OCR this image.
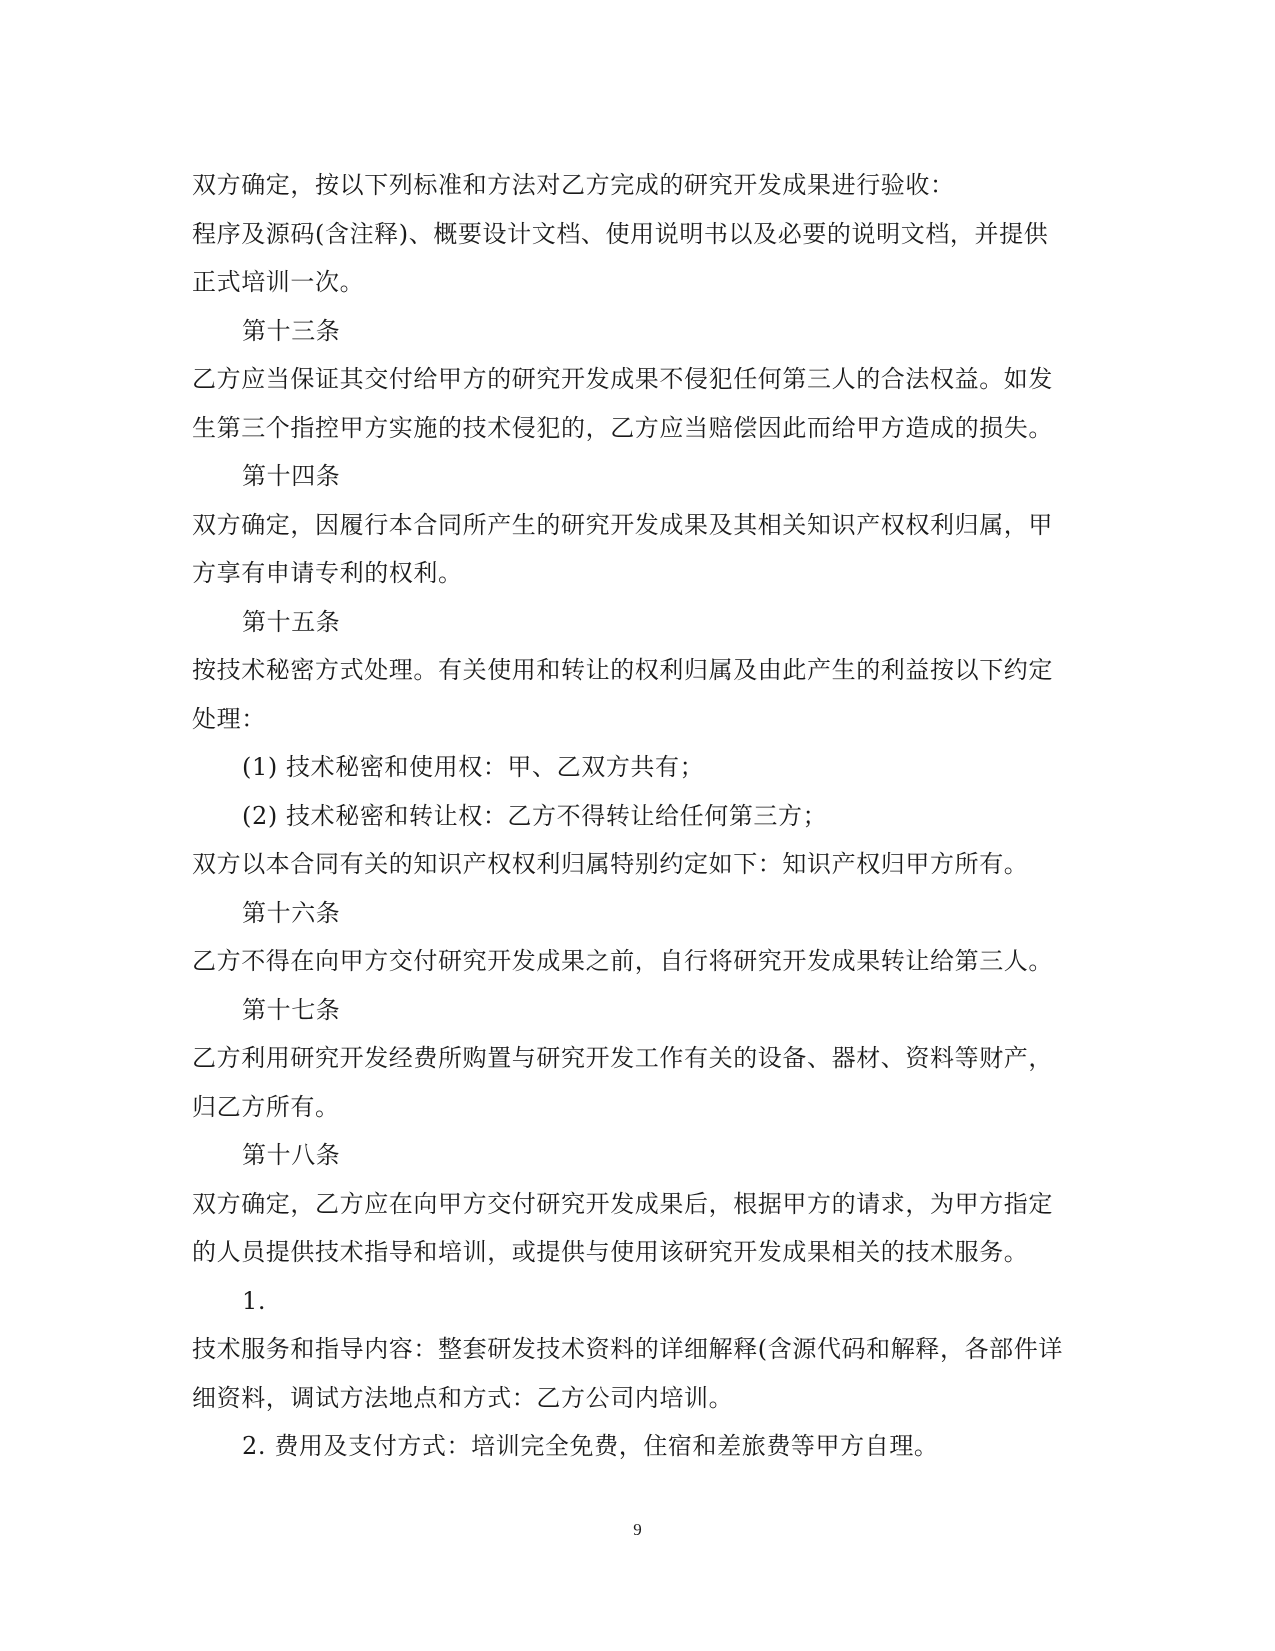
双方确定，按以下列标准和方法对乙方完成的研究开发成果进行验收：
程序及源码(含注释)、概要设计文档、使用说明书以及必要的说明文档，并提供
正式培训一次。
第十三条
乙方应当保证其交付给甲方的研究开发成果不侵犯任何第三人的合法权益。如发
生第三个指控甲方实施的技术侵犯的，乙方应当赔偿因此而给甲方造成的损失。
第十四条
双方确定，因履行本合同所产生的研究开发成果及其相关知识产权权利归属，甲
方享有申请专利的权利。
第十五条
按技术秘密方式处理。有关使用和转让的权利归属及由此产生的利益按以下约定
处理：
(1) 技术秘密和使用权：甲、乙双方共有；
(2) 技术秘密和转让权：乙方不得转让给任何第三方；
双方以本合同有关的知识产权权利归属特别约定如下：知识产权归甲方所有。
第十六条
乙方不得在向甲方交付研究开发成果之前，自行将研究开发成果转让给第三人。
第十七条
乙方利用研究开发经费所购置与研究开发工作有关的设备、器材、资料等财产，
归乙方所有。
第十八条
双方确定，乙方应在向甲方交付研究开发成果后，根据甲方的请求，为甲方指定
的人员提供技术指导和培训，或提供与使用该研究开发成果相关的技术服务。
1.
技术服务和指导内容：整套研发技术资料的详细解释(含源代码和解释，各部件详
细资料，调试方法地点和方式：乙方公司内培训。
2. 费用及支付方式：培训完全免费，住宿和差旅费等甲方自理。
9
